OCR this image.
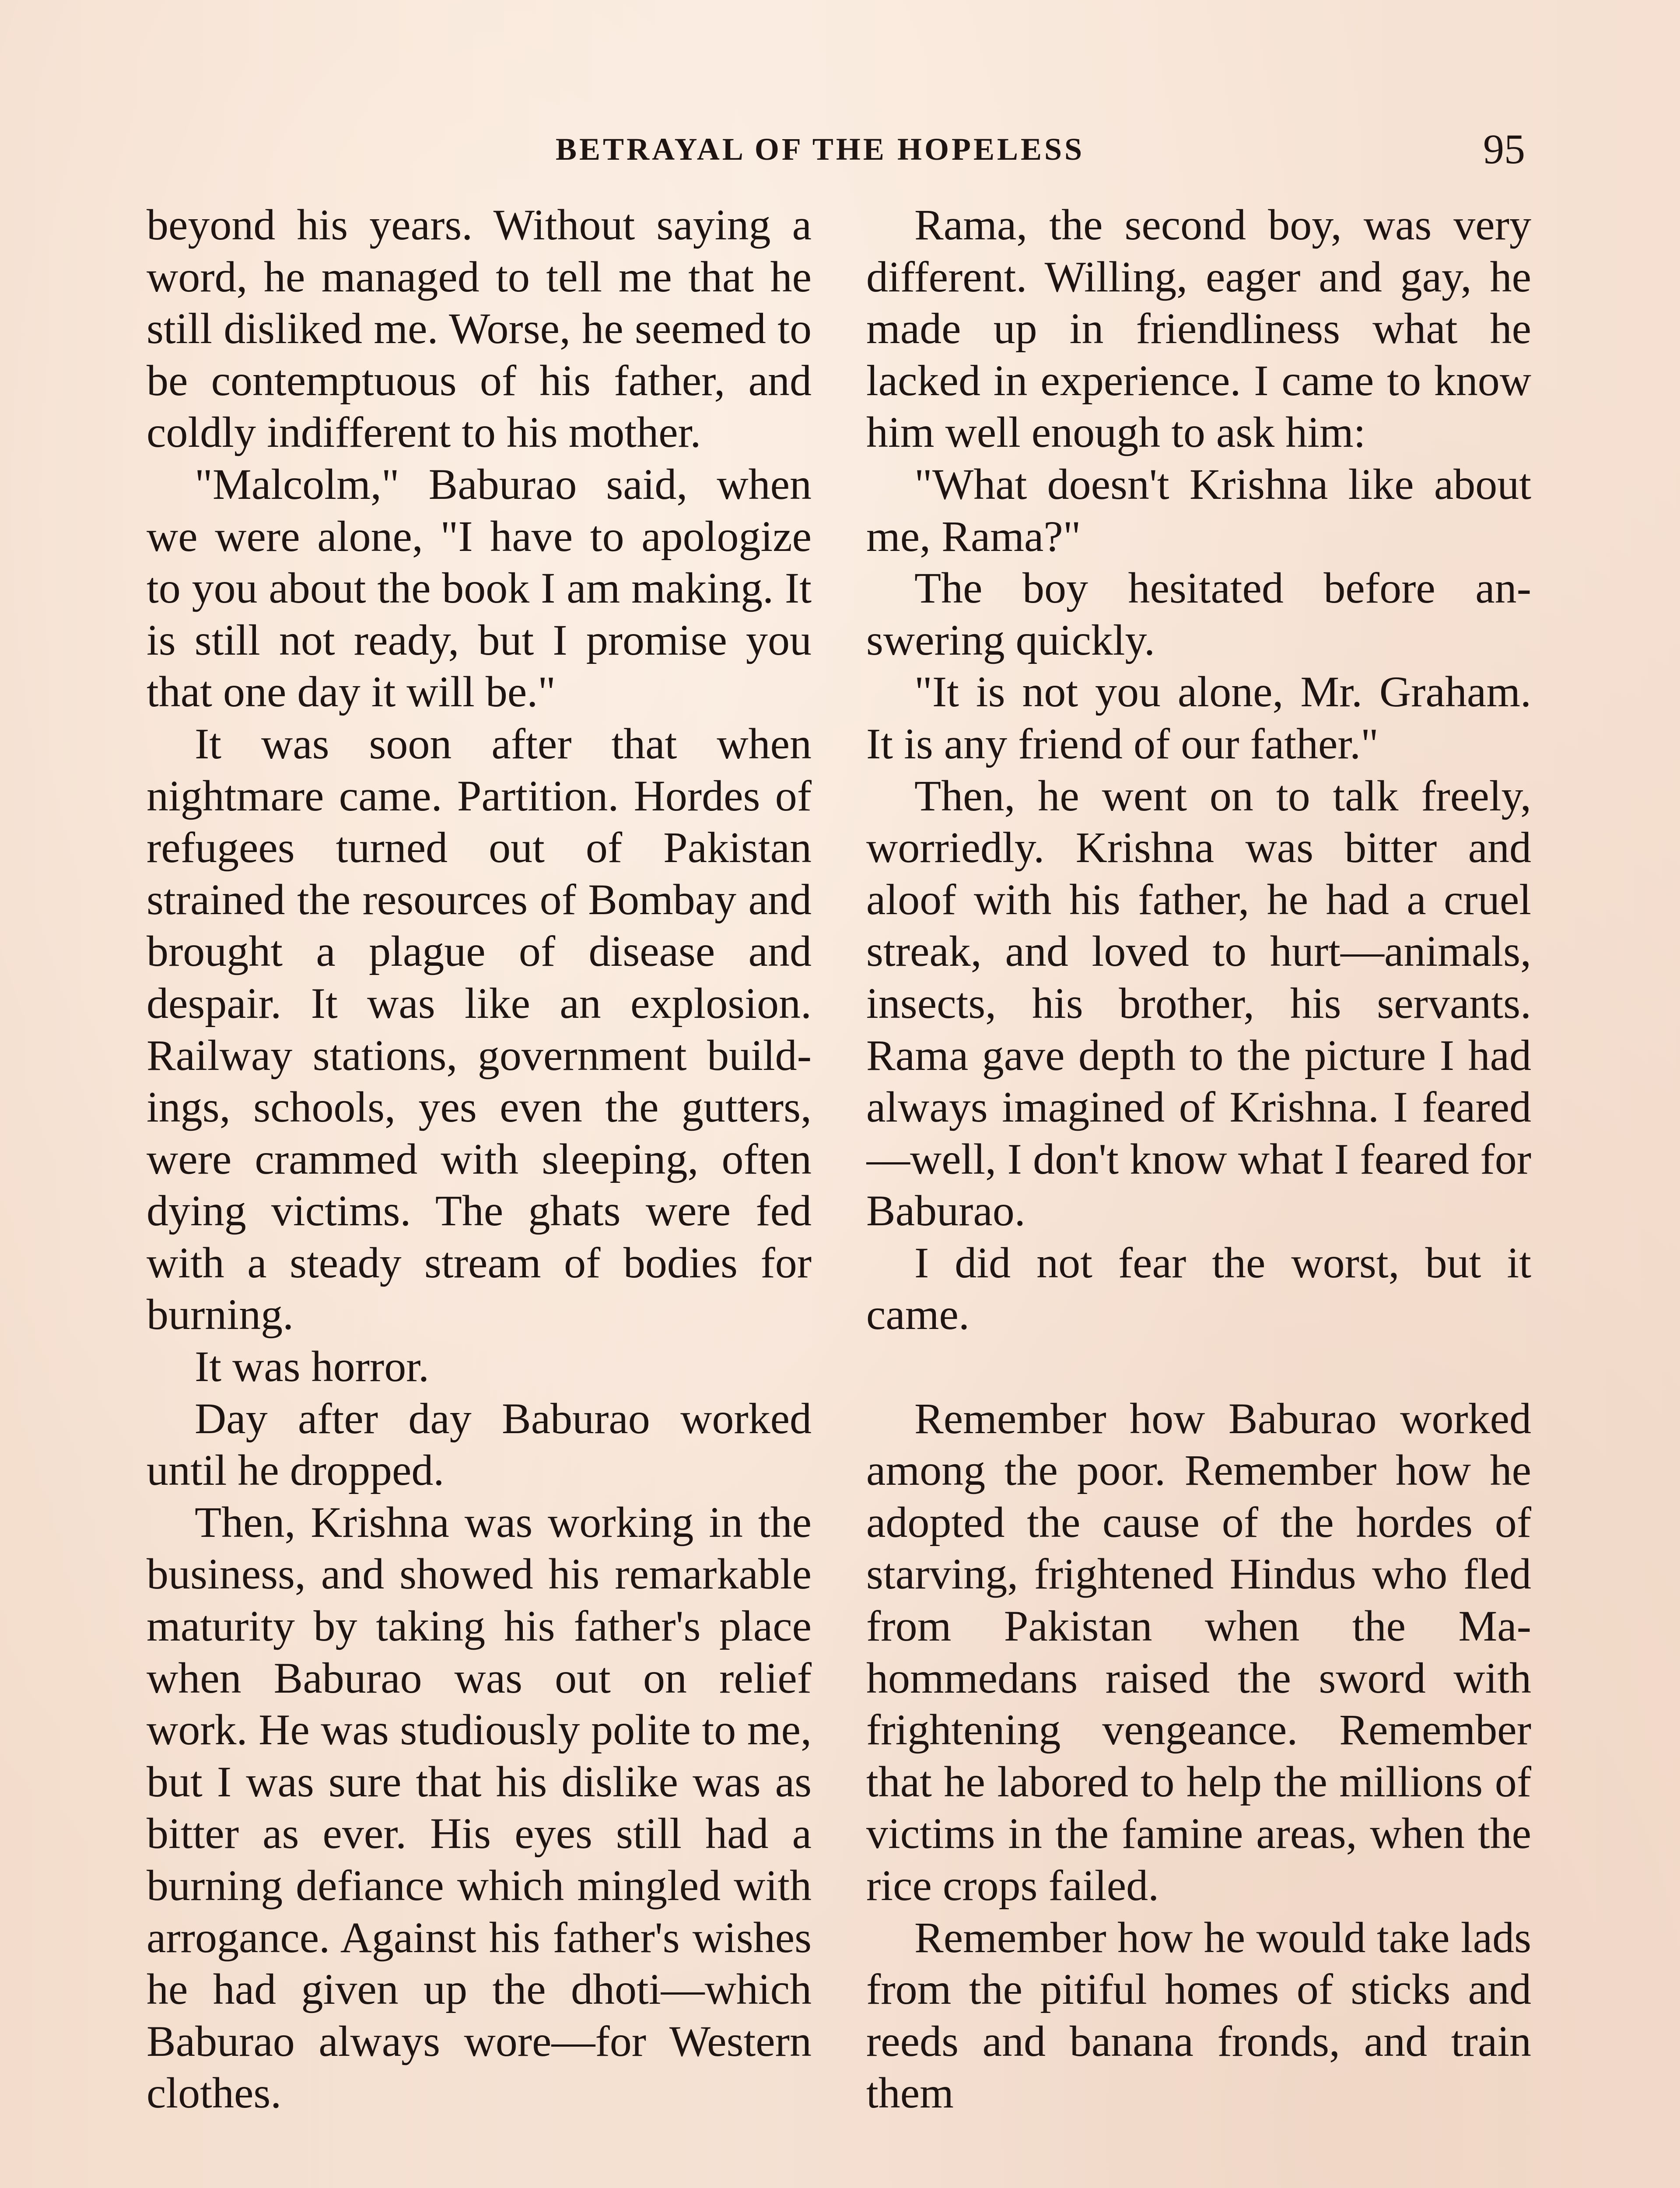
BETRAYAL OF THE HOPELESS	95

beyond his years. Without saying a word, he managed to tell me that he still disliked me. Worse, he seemed to be contemptuous of his father, and coldly indifferent to his mother.

"Malcolm," Baburao said, when we were alone, "I have to apologize to you about the book I am making. It is still not ready, but I promise you that one day it will be."

It was soon after that when nightmare came. Partition. Hordes of refugees turned out of Pakistan strained the resources of Bombay and brought a plague of disease and despair. It was like an explosion. Railway stations, government buildings, schools, yes even the gutters, were crammed with sleeping, often dying victims. The ghats were fed with a steady stream of bodies for burning.

It was horror.

Day after day Baburao worked until he dropped.

Then, Krishna was working in the business, and showed his remarkable maturity by taking his father's place when Baburao was out on relief work. He was studiously polite to me, but I was sure that his dislike was as bitter as ever. His eyes still had a burning defiance which mingled with arrogance. Against his father's wishes he had given up the dhoti—which Baburao always wore—for Western clothes.

Rama, the second boy, was very different. Willing, eager and gay, he made up in friendliness what he lacked in experience. I came to know him well enough to ask him:

"What doesn't Krishna like about me, Rama?"

The boy hesitated before answering quickly.

"It is not you alone, Mr. Graham. It is any friend of our father."

Then, he went on to talk freely, worriedly. Krishna was bitter and aloof with his father, he had a cruel streak, and loved to hurt—animals, insects, his brother, his servants. Rama gave depth to the picture I had always imagined of Krishna. I feared—well, I don't know what I feared for Baburao.

I did not fear the worst, but it came.

Remember how Baburao worked among the poor. Remember how he adopted the cause of the hordes of starving, frightened Hindus who fled from Pakistan when the Mahommedans raised the sword with frightening vengeance. Remember that he labored to help the millions of victims in the famine areas, when the rice crops failed.

Remember how he would take lads from the pitiful homes of sticks and reeds and banana fronds, and train them
